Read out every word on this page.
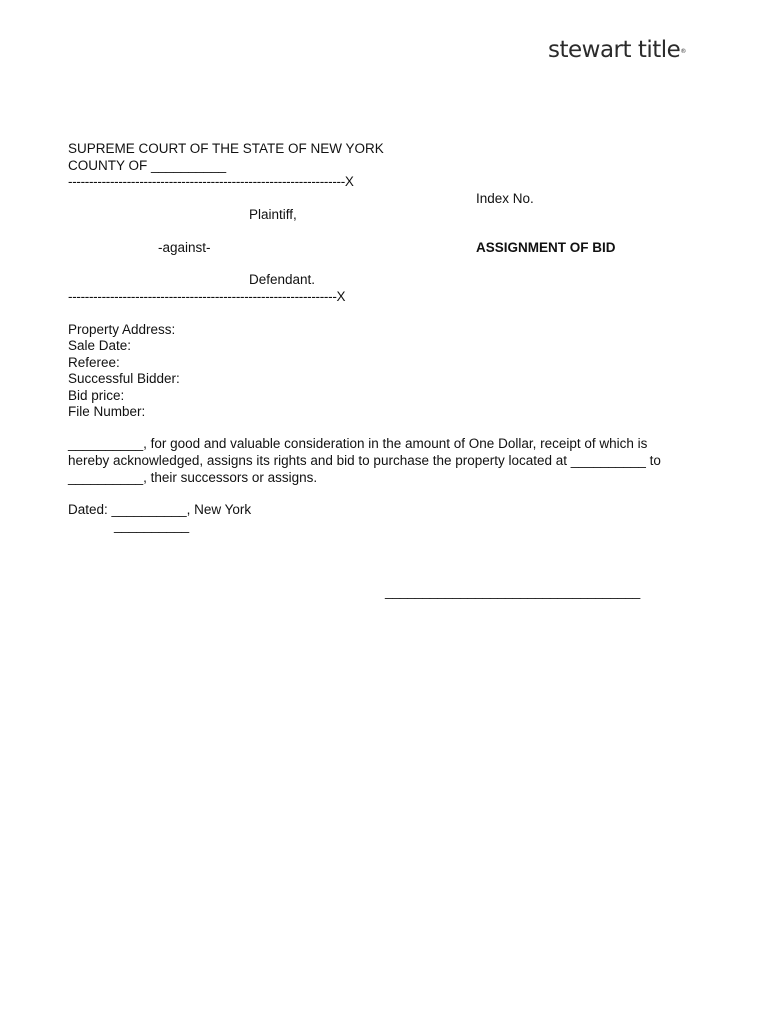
stewart title®
SUPREME COURT OF THE STATE OF NEW YORK
COUNTY OF __________
------------------------------------------------------------------X
Index No.
Plaintiff,
-against-	ASSIGNMENT OF BID
Defendant.
----------------------------------------------------------------X
Property Address:
Sale Date:
Referee:
Successful Bidder:
Bid price:
File Number:
__________, for good and valuable consideration in the amount of One Dollar, receipt of which is
hereby acknowledged, assigns its rights and bid to purchase the property located at __________ to
__________, their successors or assigns.
Dated: __________, New York
__________
__________________________________
